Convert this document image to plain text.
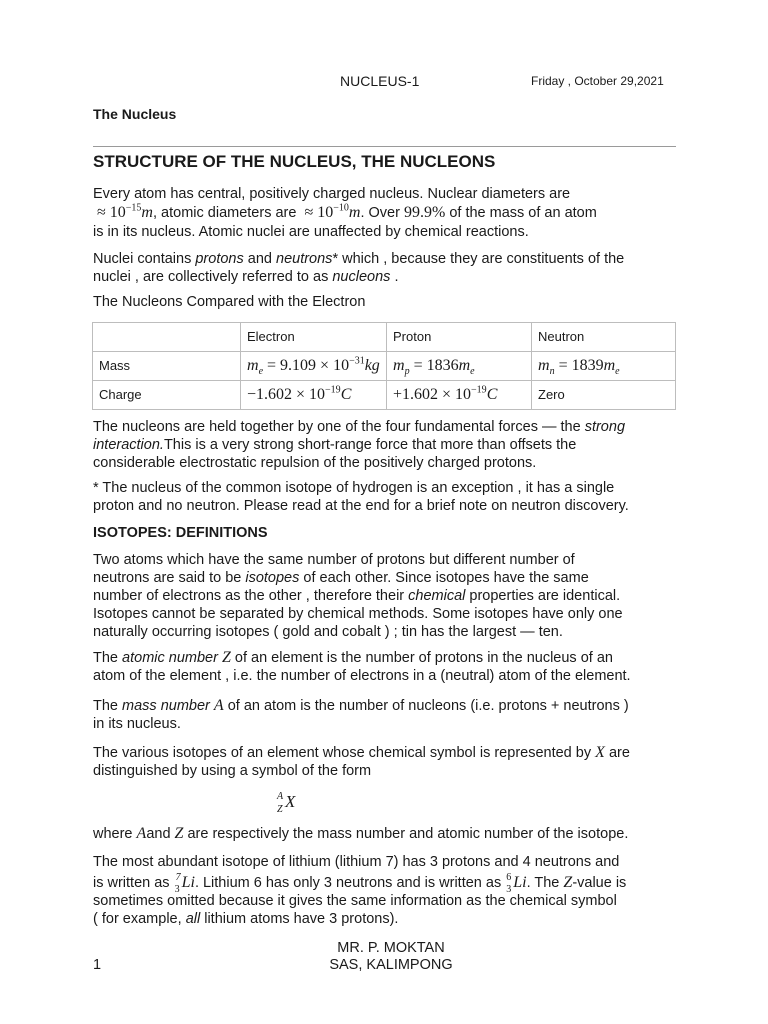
NUCLEUS-1	Friday , October 29,2021
The Nucleus
STRUCTURE OF THE NUCLEUS, THE NUCLEONS
Every atom has central, positively charged nucleus. Nuclear diameters are
≈ $10^{-15}m$, atomic diameters are  ≈ $10^{-10}m$. Over 99.9% of the mass of an atom
is in its nucleus. Atomic nuclei are unaffected by chemical reactions.
Nuclei contains protons and neutrons* which , because they are constituents of the
nuclei , are collectively referred to as nucleons .
The Nucleons Compared with the Electron
	Electron	Proton	Neutron
Mass	$m_e = 9.109 \times 10^{-31}kg$	$m_p = 1836m_e$	$m_n = 1839m_e$
Charge	$-1.602 \times 10^{-19}C$	$+1.602 \times 10^{-19}C$	Zero
The nucleons are held together by one of the four fundamental forces — the strong
interaction.This is a very strong short-range force that more than offsets the
considerable electrostatic repulsion of the positively charged protons.
* The nucleus of the common isotope of hydrogen is an exception , it has a single
proton and no neutron. Please read at the end for a brief note on neutron discovery.
ISOTOPES: DEFINITIONS
Two atoms which have the same number of protons but different number of
neutrons are said to be isotopes of each other. Since isotopes have the same
number of electrons as the other , therefore their chemical properties are identical.
Isotopes cannot be separated by chemical methods. Some isotopes have only one
naturally occurring isotopes ( gold and cobalt ) ; tin has the largest — ten.
The atomic number Z of an element is the number of protons in the nucleus of an
atom of the element , i.e. the number of electrons in a (neutral) atom of the element.
The mass number A of an atom is the number of nucleons (i.e. protons + neutrons )
in its nucleus.
The various isotopes of an element whose chemical symbol is represented by X are
distinguished by using a symbol of the form
A
Z X
where Aand Z are respectively the mass number and atomic number of the isotope.
The most abundant isotope of lithium (lithium 7) has 3 protons and 4 neutrons and
is written as 7
3 Li. Lithium 6 has only 3 neutrons and is written as 6
3 Li. The Z-value is
sometimes omitted because it gives the same information as the chemical symbol
( for example, all lithium atoms have 3 protons).
1
MR. P. MOKTAN
SAS, KALIMPONG
